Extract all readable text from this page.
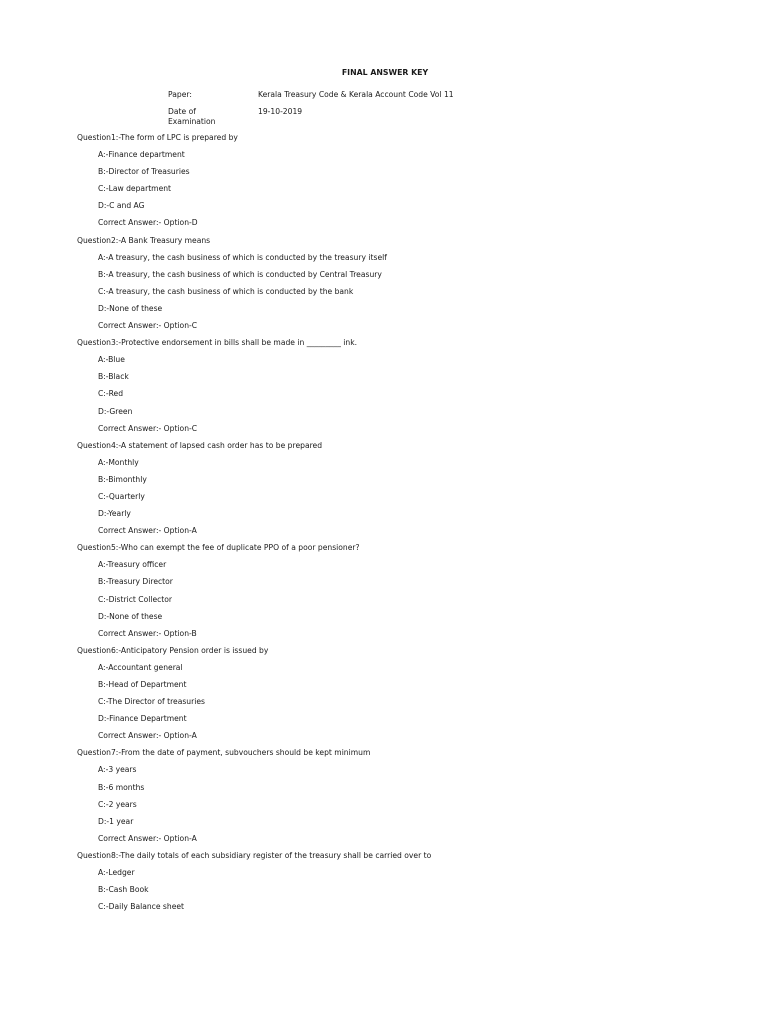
FINAL ANSWER KEY
Paper:	Kerala Treasury Code & Kerala Account Code Vol 11
Date of
Examination
19-10-2019
Question1:-The form of LPC is prepared by
A:-Finance department
B:-Director of Treasuries
C:-Law department
D:-C and AG
Correct Answer:- Option-D
Question2:-A Bank Treasury means
A:-A treasury, the cash business of which is conducted by the treasury itself
B:-A treasury, the cash business of which is conducted by Central Treasury
C:-A treasury, the cash business of which is conducted by the bank
D:-None of these
Correct Answer:- Option-C
Question3:-Protective endorsement in bills shall be made in _________ ink.
A:-Blue
B:-Black
C:-Red
D:-Green
Correct Answer:- Option-C
Question4:-A statement of lapsed cash order has to be prepared
A:-Monthly
B:-Bimonthly
C:-Quarterly
D:-Yearly
Correct Answer:- Option-A
Question5:-Who can exempt the fee of duplicate PPO of a poor pensioner?
A:-Treasury officer
B:-Treasury Director
C:-District Collector
D:-None of these
Correct Answer:- Option-B
Question6:-Anticipatory Pension order is issued by
A:-Accountant general
B:-Head of Department
C:-The Director of treasuries
D:-Finance Department
Correct Answer:- Option-A
Question7:-From the date of payment, subvouchers should be kept minimum
A:-3 years
B:-6 months
C:-2 years
D:-1 year
Correct Answer:- Option-A
Question8:-The daily totals of each subsidiary register of the treasury shall be carried over to
A:-Ledger
B:-Cash Book
C:-Daily Balance sheet
